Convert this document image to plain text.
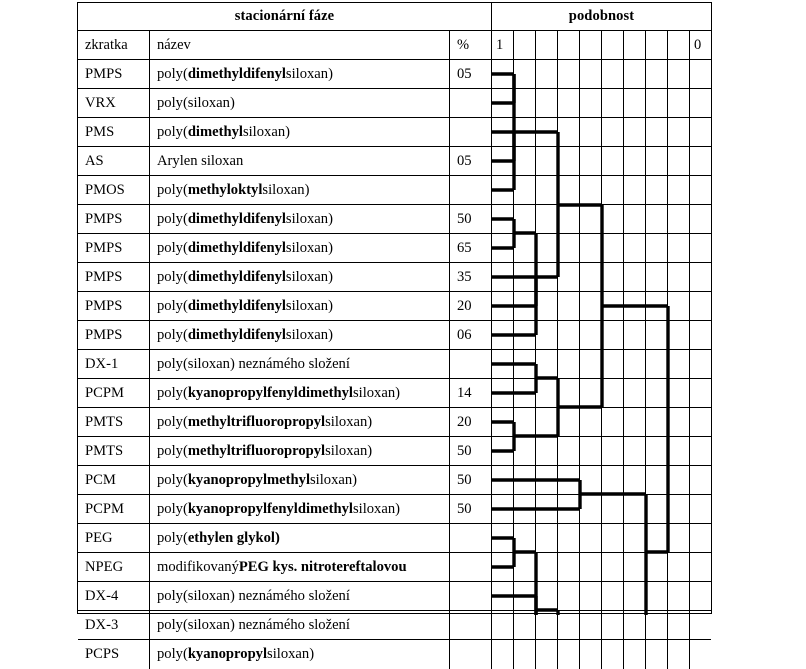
stacionární fáze	podobnost
zkratka	název	%	1	0
PMPS	poly( dimethyldifenyl siloxan)	05
VRX	poly(siloxan)
PMS	poly( dimethyl siloxan)
AS	Arylen siloxan	05
PMOS	poly( methyloktyl siloxan)
PMPS	poly( dimethyldifenyl siloxan)	50
PMPS	poly( dimethyldifenyl siloxan)	65
PMPS	poly( dimethyldifenyl siloxan)	35
PMPS	poly( dimethyldifenyl siloxan)	20
PMPS	poly( dimethyldifenyl siloxan)	06
DX-1	poly(siloxan) neznámého složení
PCPM	poly( kyanopropylfenyldimethyl siloxan)	14
PMTS	poly( methyltrifluoropropyl siloxan)	20
PMTS	poly( methyltrifluoropropyl siloxan)	50
PCM	poly( kyanopropylmethyl siloxan)	50
PCPM	poly( kyanopropylfenyldimethyl siloxan)	50
PEG	poly( ethylen glykol)
NPEG	modifikovaný PEG kys. nitrotereftalovou
DX-4	poly(siloxan) neznámého složení
DX-3	poly(siloxan) neznámého složení
PCPS	poly( kyanopropyl siloxan)
